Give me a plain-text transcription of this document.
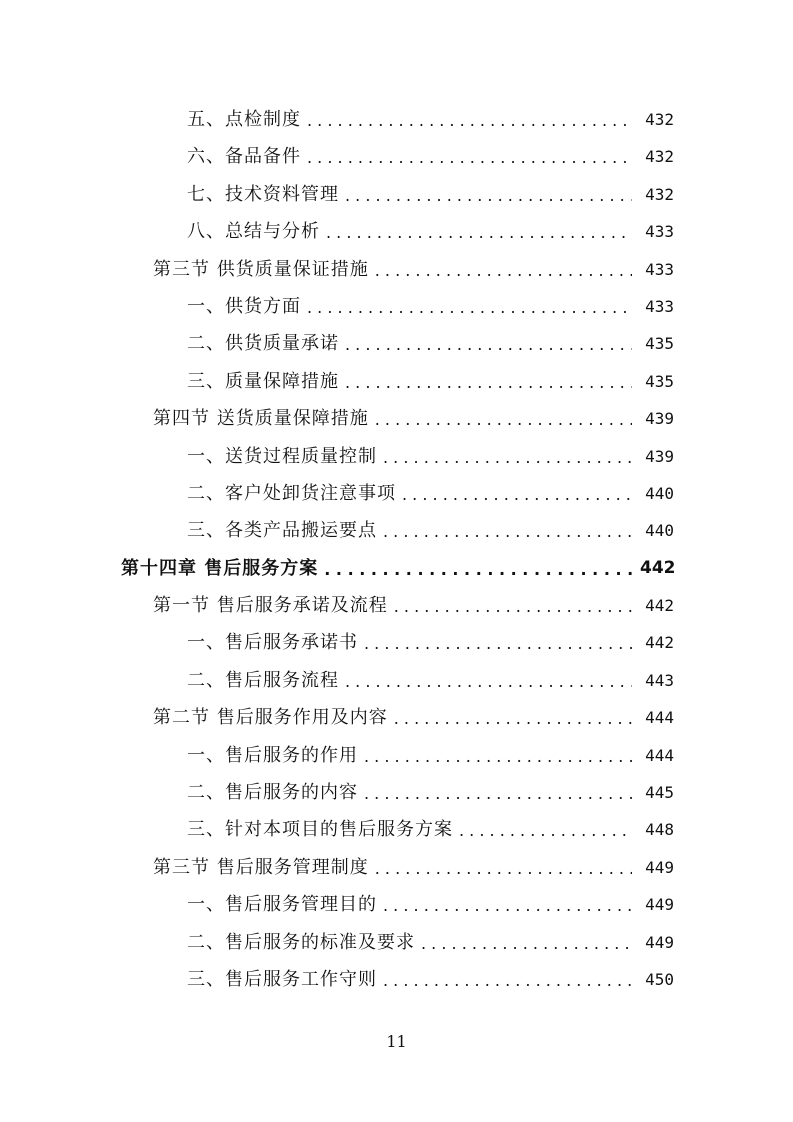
五、点检制度 . . .	432
六、备品备件 . . .	432
七、技术资料管理 . . .	432
八、总结与分析 . . .	433
第三节 供货质量保证措施 . . .	433
一、供货方面 . . .	433
二、供货质量承诺 . . .	435
三、质量保障措施 . . .	435
第四节 送货质量保障措施 . . .	439
一、送货过程质量控制 . . .	439
二、客户处卸货注意事项 . . .	440
三、各类产品搬运要点 . . .	440
第十四章 售后服务方案 . . .	442
第一节 售后服务承诺及流程 . . .	442
一、售后服务承诺书 . . .	442
二、售后服务流程 . . .	443
第二节 售后服务作用及内容 . . .	444
一、售后服务的作用 . . .	444
二、售后服务的内容 . . .	445
三、针对本项目的售后服务方案 . . .	448
第三节 售后服务管理制度 . . .	449
一、售后服务管理目的 . . .	449
二、售后服务的标准及要求 . . .	449
三、售后服务工作守则 . . .	450
11
